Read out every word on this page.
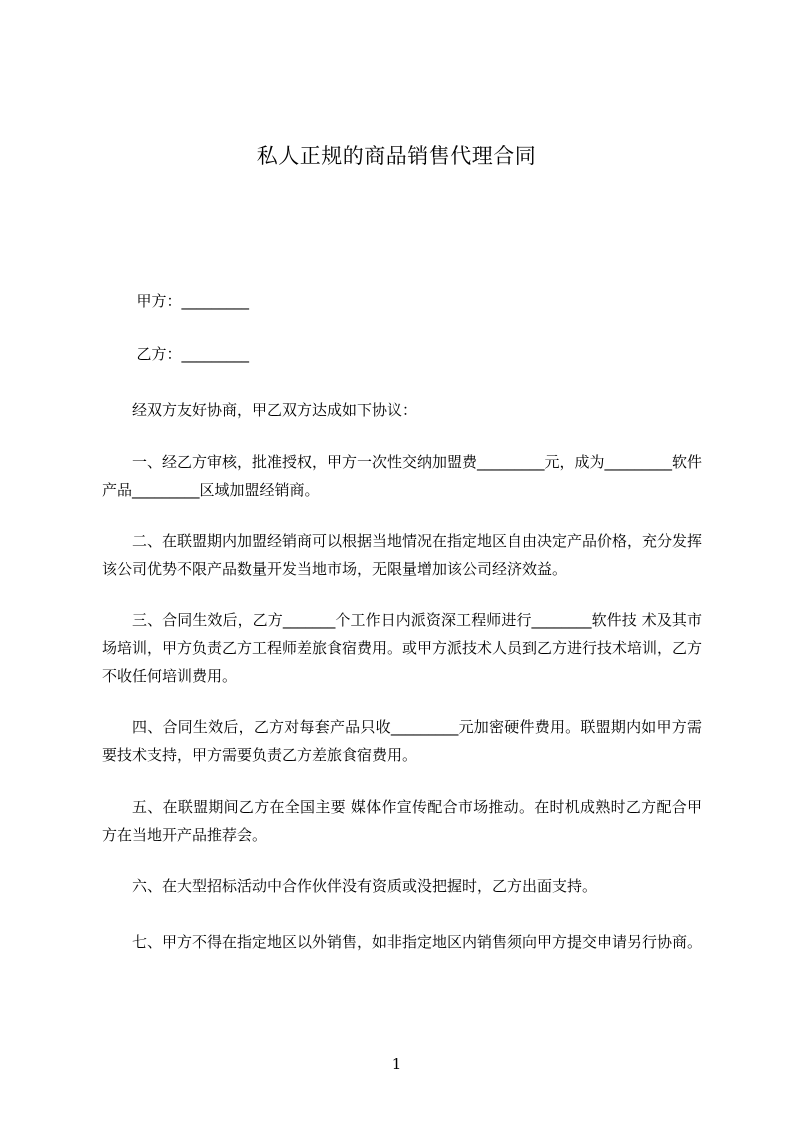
私人正规的商品销售代理合同

甲方：_________

乙方：_________

经双方友好协商，甲乙双方达成如下协议：

一、经乙方审核，批准授权，甲方一次性交纳加盟费_________元，成为_________软件产品_________区域加盟经销商。

二、在联盟期内加盟经销商可以根据当地情况在指定地区自由决定产品价格，充分发挥该公司优势不限产品数量开发当地市场，无限量增加该公司经济效益。

三、合同生效后，乙方_______个工作日内派资深工程师进行________软件技 术及其市场培训，甲方负责乙方工程师差旅食宿费用。或甲方派技术人员到乙方进行技术培训，乙方不收任何培训费用。

四、合同生效后，乙方对每套产品只收_________元加密硬件费用。联盟期内如甲方需要技术支持，甲方需要负责乙方差旅食宿费用。

五、在联盟期间乙方在全国主要 媒体作宣传配合市场推动。在时机成熟时乙方配合甲方在当地开产品推荐会。

六、在大型招标活动中合作伙伴没有资质或没把握时，乙方出面支持。

七、甲方不得在指定地区以外销售，如非指定地区内销售须向甲方提交申请另行协商。

1
